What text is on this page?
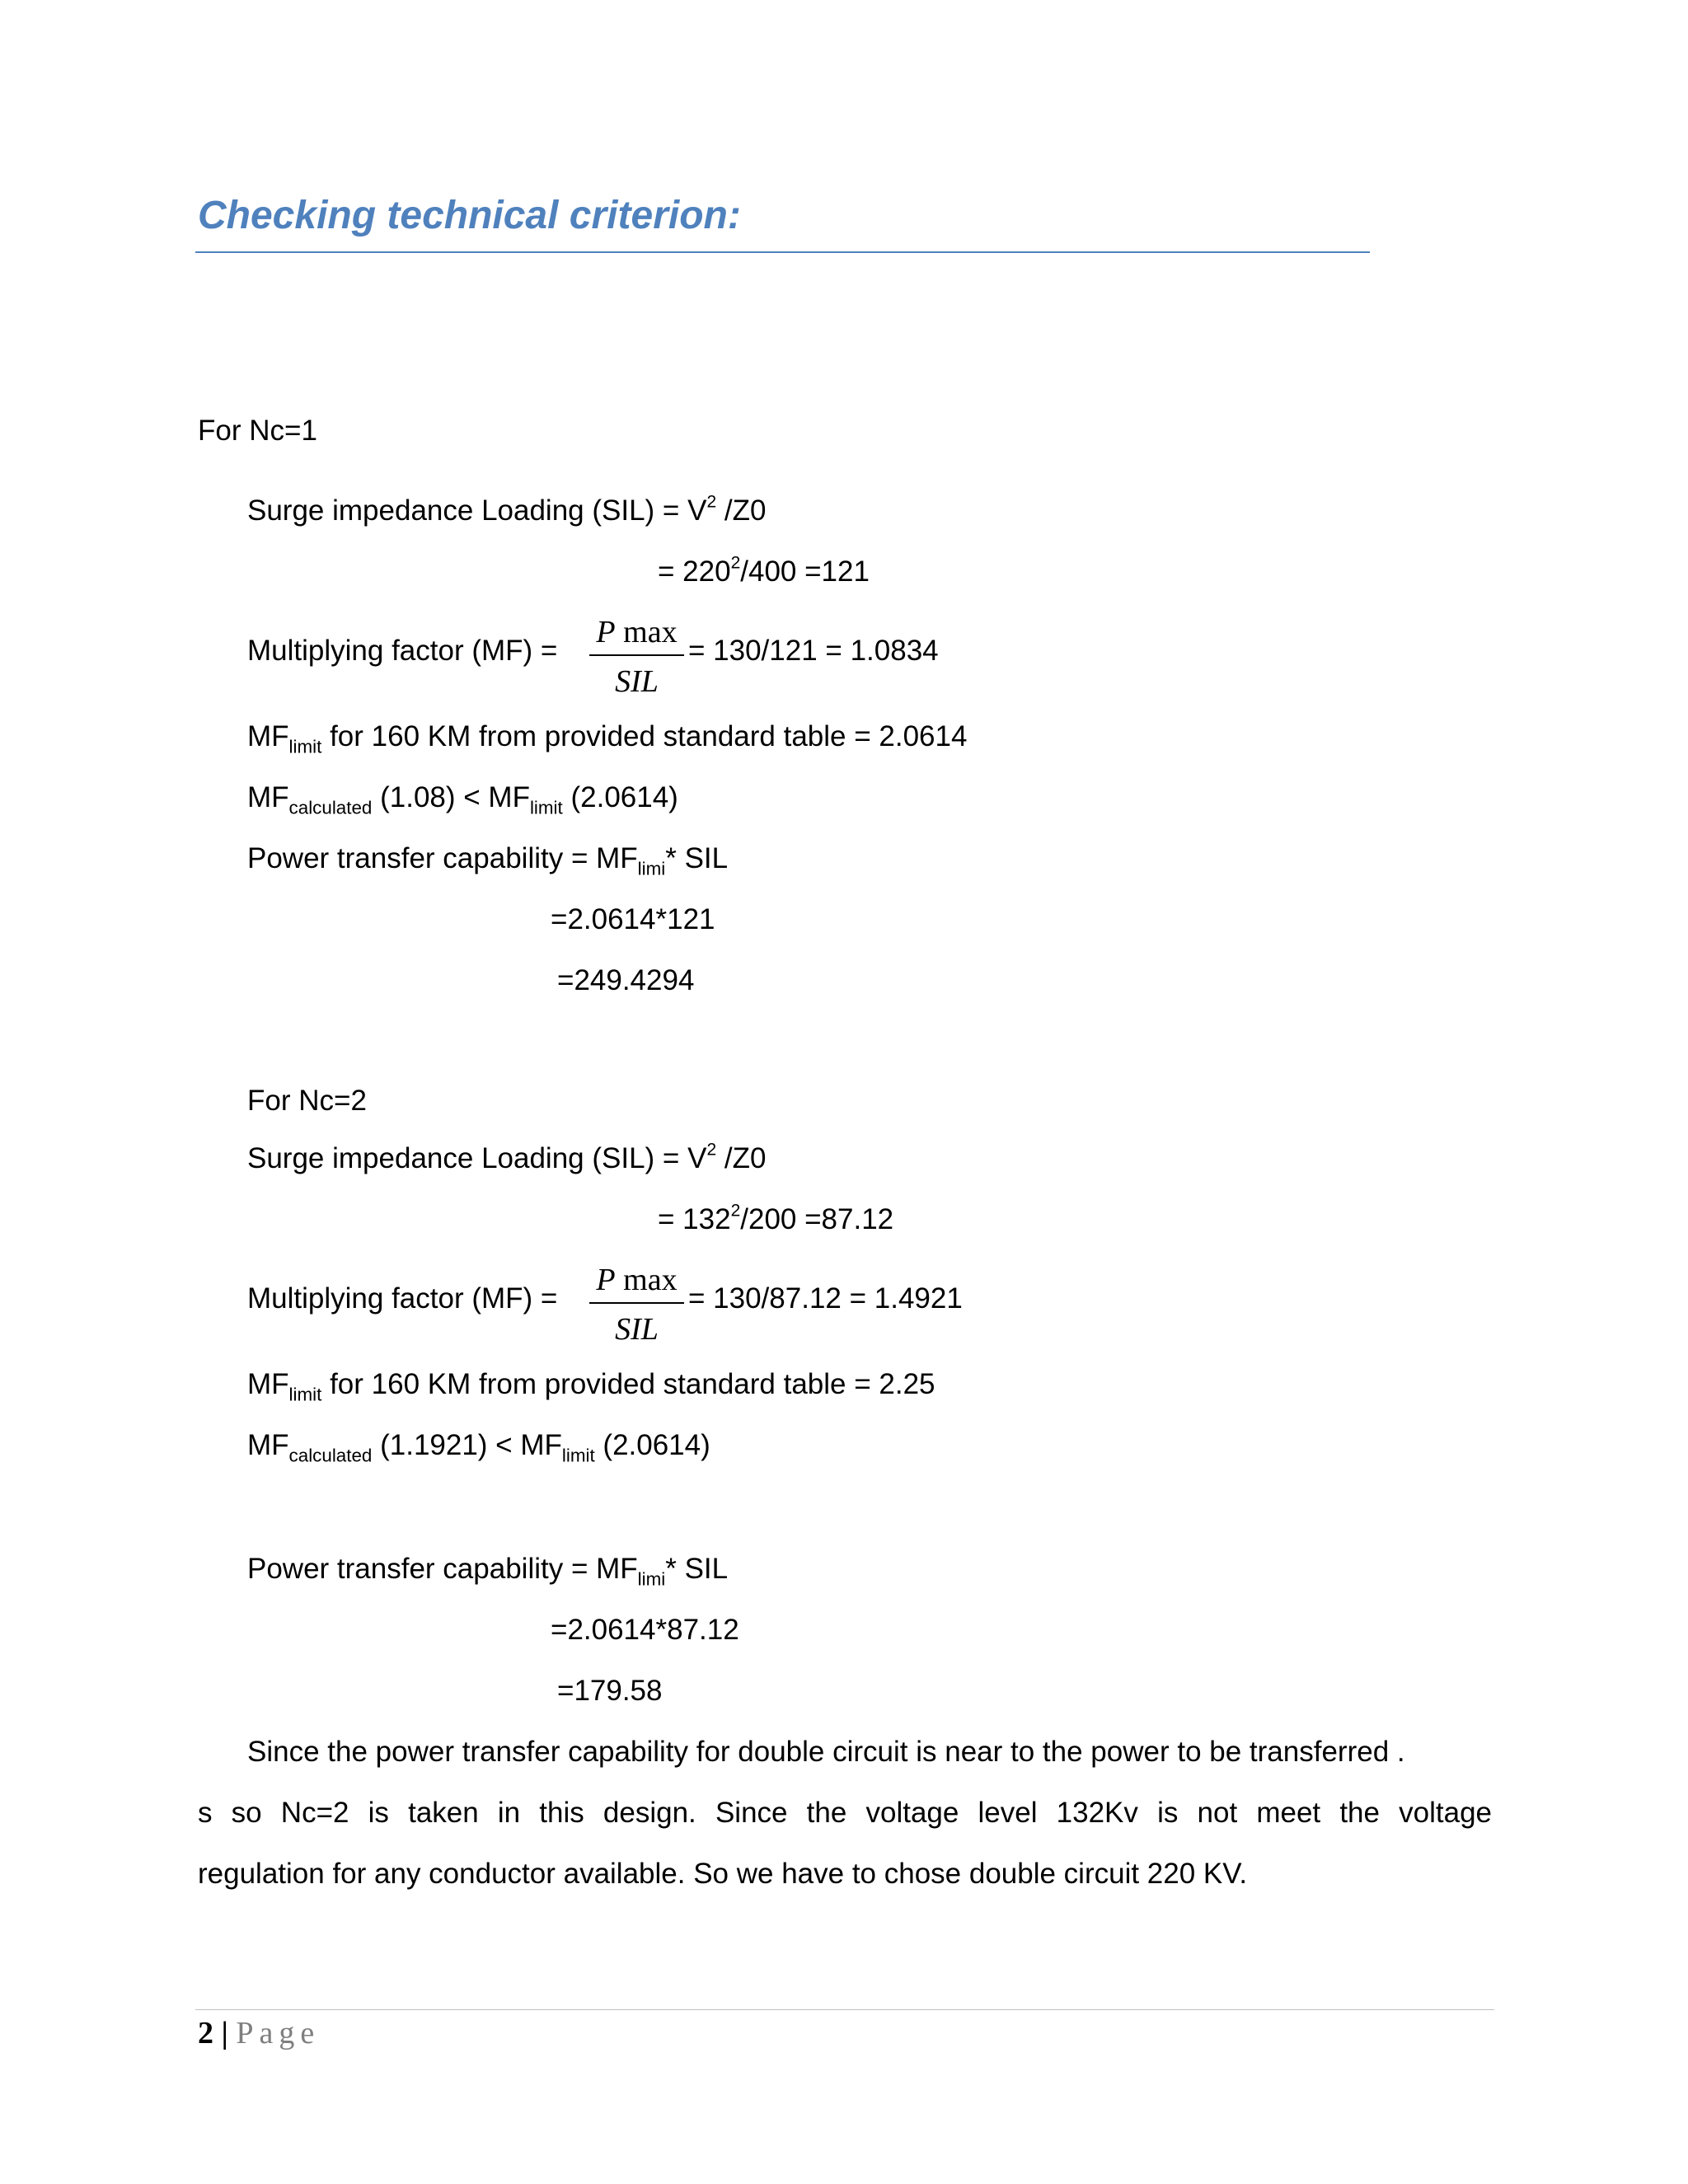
Checking technical criterion:
For Nc=1
Surge impedance Loading $(SIL) = V^2$ /Z0
= $220^2/400 =121$
Multiplying factor (MF) =
P max
SIL
= 130/121 = 1.0834
$MF_{limit}$ for 160 KM from provided standard table = 2.0614
$MF_{calculated}$ $(1.08) < MF_{limit}$ (2.0614)
Power transfer capability = $MF_{limi}*$ SIL
=2.0614*121
=249.4294
For Nc=2
Surge impedance Loading $(SIL) = V^2$ /Z0
= $132^2/200 =87.12$
Multiplying factor (MF) =
P max
SIL
= 130/87.12 = 1.4921
$MF_{limit}$ for 160 KM from provided standard table = 2.25
$MF_{calculated}$ $(1.1921) < MF_{limit}$ (2.0614)
Power transfer capability = $MF_{limi}*$ SIL
=2.0614*87.12
=179.58
Since the power transfer capability for double circuit is near to the power to be transferred .
s so Nc=2 is taken in this design. Since the voltage level 132Kv is not meet the voltage
regulation for any conductor available. So we have to chose double circuit 220 KV.
2 | Page
